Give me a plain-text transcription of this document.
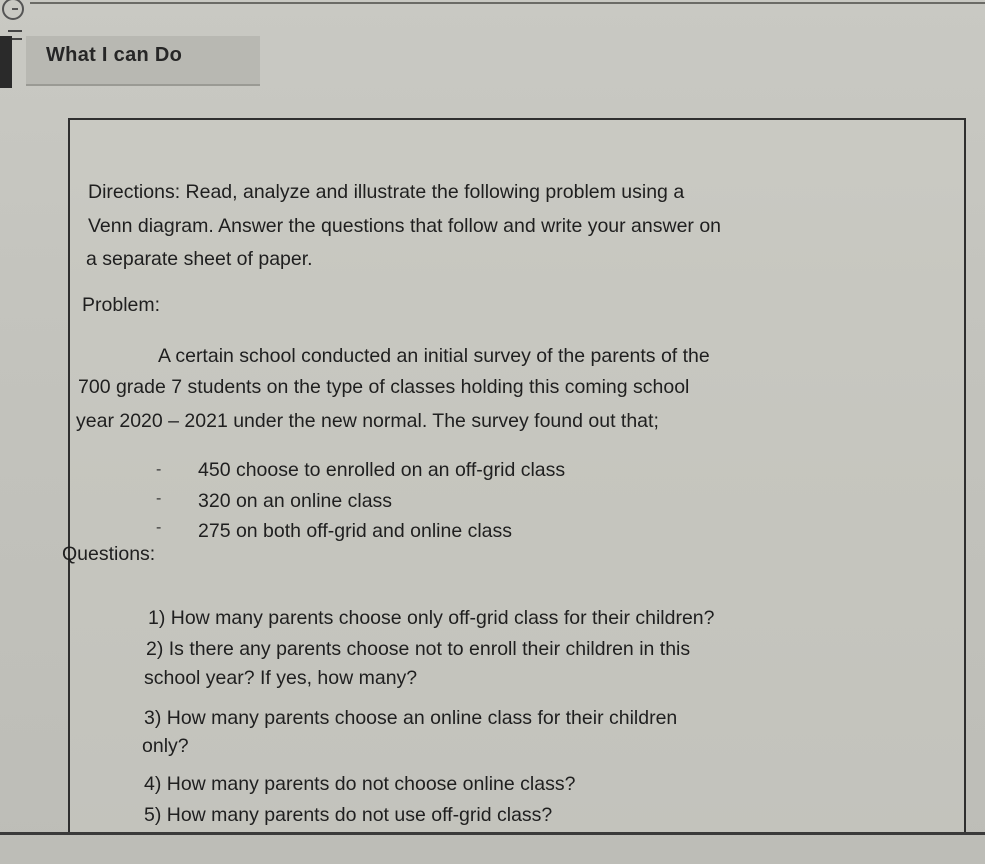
What I can Do
Directions: Read, analyze and illustrate the following problem using a
Venn diagram. Answer the questions that follow and write your answer on
a separate sheet of paper.
Problem:
A certain school conducted an initial survey of the parents of the
700 grade 7 students on the type of classes holding this coming school
year 2020 – 2021 under the new normal. The survey found out that;
- 450 choose to enrolled on an off-grid class
- 320 on an online class
- 275 on both off-grid and online class
Questions:
1) How many parents choose only off-grid class for their children?
2) Is there any parents choose not to enroll their children in this
school year? If yes, how many?
3) How many parents choose an online class for their children
only?
4) How many parents do not choose online class?
5) How many parents do not use off-grid class?
